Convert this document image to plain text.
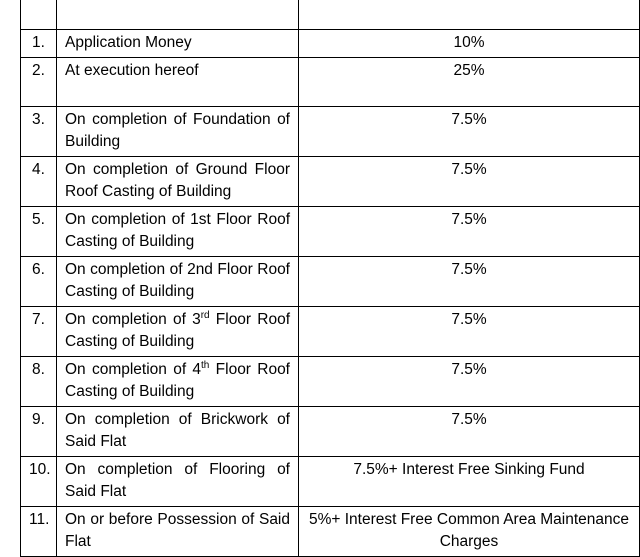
1.	Application Money	10%
2.	At execution hereof	25%
3.	On completion of Foundation of Building	7.5%
4.	On completion of Ground Floor Roof Casting of Building	7.5%
5.	On completion of 1st Floor Roof Casting of Building	7.5%
6.	On completion of 2nd Floor Roof Casting of Building	7.5%
7.	On completion of 3rd Floor Roof Casting of Building	7.5%
8.	On completion of 4th Floor Roof Casting of Building	7.5%
9.	On completion of Brickwork of Said Flat	7.5%
10.	On completion of Flooring of Said Flat	7.5%+ Interest Free Sinking Fund
11.	On or before Possession of Said Flat	5%+ Interest Free Common Area Maintenance Charges
